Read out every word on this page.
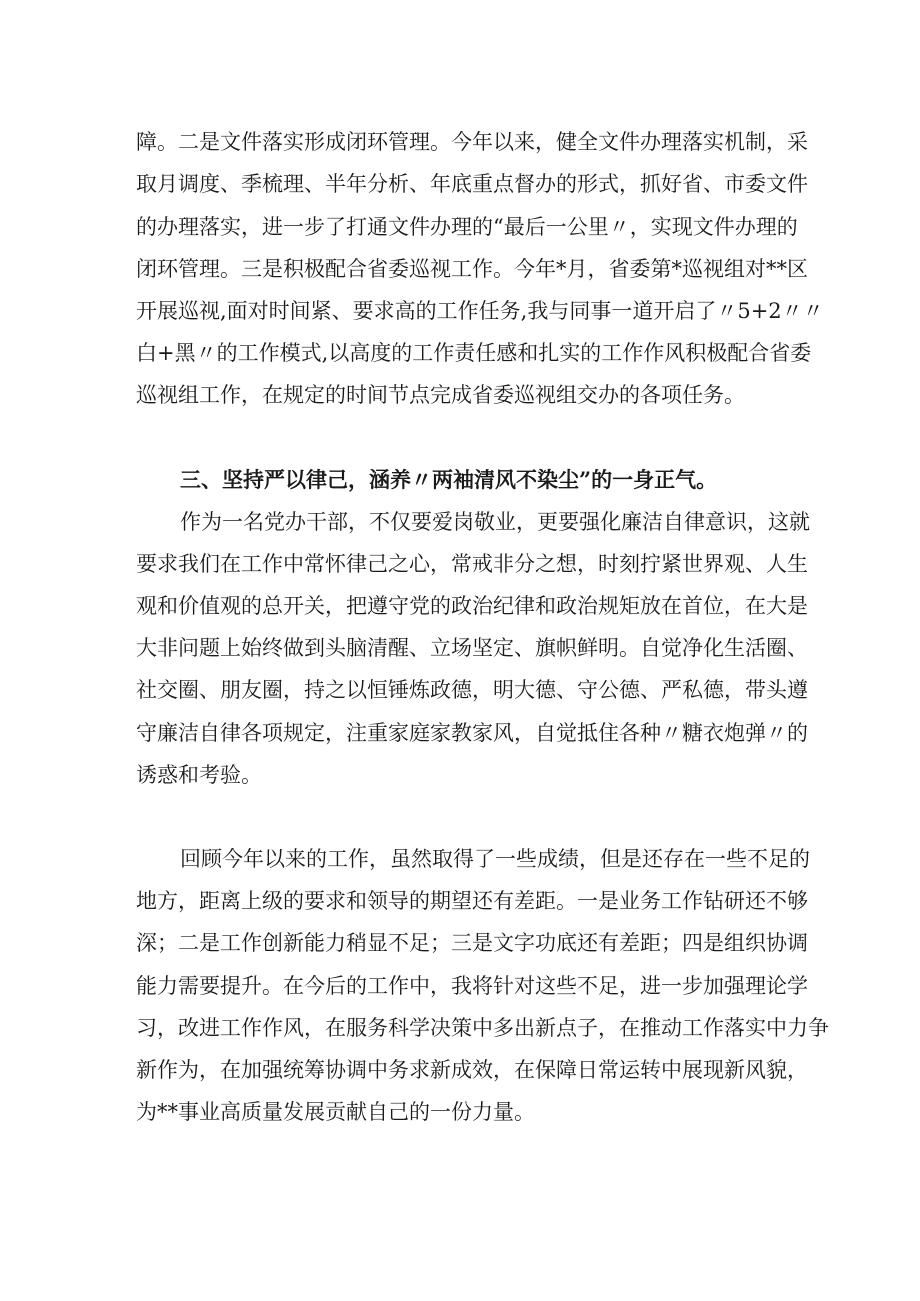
障。二是文件落实形成闭环管理。今年以来，健全文件办理落实机制，采
取月调度、季梳理、半年分析、年底重点督办的形式，抓好省、市委文件
的办理落实，进一步了打通文件办理的“最后一公里〃，实现文件办理的
闭环管理。三是积极配合省委巡视工作。今年*月，省委第*巡视组对**区
开展巡视,面对时间紧、要求高的工作任务,我与同事一道开启了〃5+2〃〃
白+黑〃的工作模式,以高度的工作责任感和扎实的工作作风积极配合省委
巡视组工作，在规定的时间节点完成省委巡视组交办的各项任务。
三、坚持严以律己，涵养〃两袖清风不染尘”的一身正气。
作为一名党办干部，不仅要爱岗敬业，更要强化廉洁自律意识，这就
要求我们在工作中常怀律己之心，常戒非分之想，时刻拧紧世界观、人生
观和价值观的总开关，把遵守党的政治纪律和政治规矩放在首位，在大是
大非问题上始终做到头脑清醒、立场坚定、旗帜鲜明。自觉净化生活圈、
社交圈、朋友圈，持之以恒锤炼政德，明大德、守公德、严私德，带头遵
守廉洁自律各项规定，注重家庭家教家风，自觉抵住各种〃糖衣炮弹〃的
诱惑和考验。
回顾今年以来的工作，虽然取得了一些成绩，但是还存在一些不足的
地方，距离上级的要求和领导的期望还有差距。一是业务工作钻研还不够
深；二是工作创新能力稍显不足；三是文字功底还有差距；四是组织协调
能力需要提升。在今后的工作中，我将针对这些不足，进一步加强理论学
习，改进工作作风，在服务科学决策中多出新点子，在推动工作落实中力争
新作为，在加强统筹协调中务求新成效，在保障日常运转中展现新风貌，
为**事业高质量发展贡献自己的一份力量。
